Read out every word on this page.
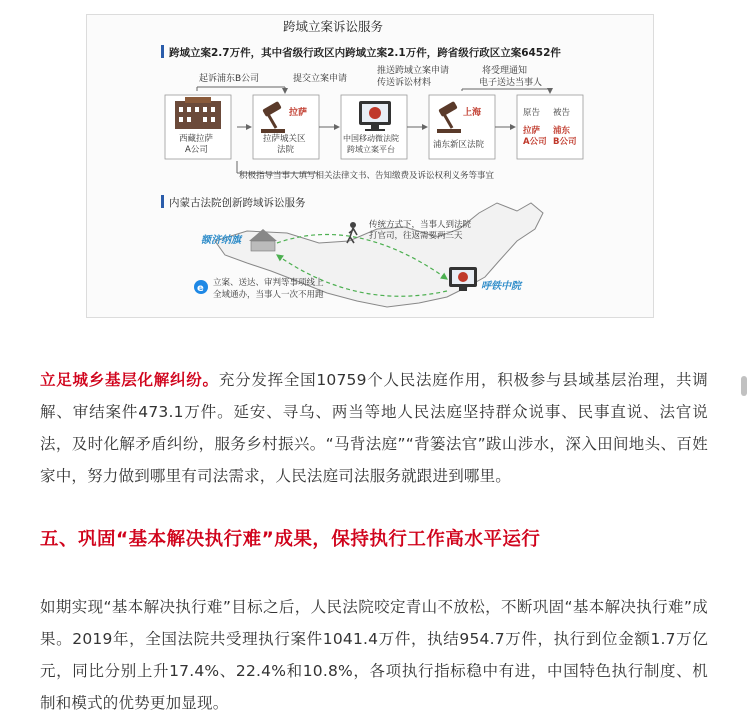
跨域立案诉讼服务
跨域立案2.7万件，其中省级行政区内跨域立案2.1万件，跨省级行政区立案6452件
起诉浦东B公司	提交立案申请
推送跨域立案申请
传送诉讼材料
将受理通知
电子送达当事人
西藏拉萨
A公司
拉萨
拉萨城关区
法院
中国移动微法院
跨域立案平台
上海
浦东新区法院
原告 被告
拉萨
A公司
浦东
B公司
积极指导当事人填写相关法律文书、告知缴费及诉讼权利义务等事宜
内蒙古法院创新跨域诉讼服务
额济纳旗
传统方式下，当事人到法院
打官司，往返需要两三天
呼铁中院
e 立案、送达、审判等事项线上
全域通办，当事人一次不用跑

立足城乡基层化解纠纷。充分发挥全国10759个人民法庭作用，积极参与县域基层治理，共调解、审结案件473.1万件。延安、寻乌、两当等地人民法庭坚持群众说事、民事直说、法官说法，及时化解矛盾纠纷，服务乡村振兴。“马背法庭”“背篓法官”跋山涉水，深入田间地头、百姓家中，努力做到哪里有司法需求，人民法庭司法服务就跟进到哪里。

五、巩固“基本解决执行难”成果，保持执行工作高水平运行

如期实现“基本解决执行难”目标之后，人民法院咬定青山不放松，不断巩固“基本解决执行难”成果。2019年，全国法院共受理执行案件1041.4万件，执结954.7万件，执行到位金额1.7万亿元，同比分别上升17.4%、22.4%和10.8%，各项执行指标稳中有进，中国特色执行制度、机制和模式的优势更加显现。
